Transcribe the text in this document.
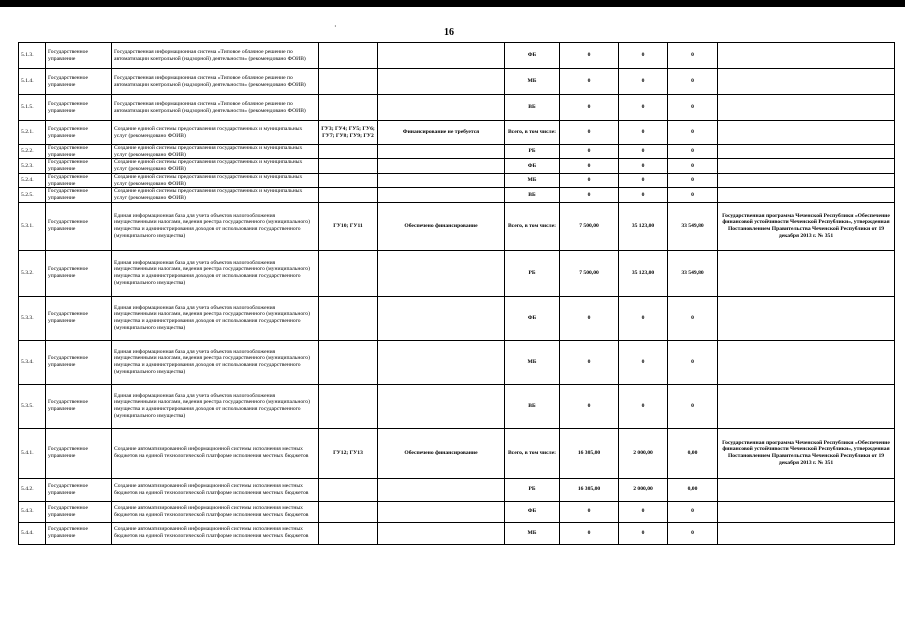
·
16
5.1.3.	Государственное управление	Государственная информационная система «Типовое облачное решение по автоматизации контрольной (надзорной) деятельности» (рекомендовано ФОИВ)			ФБ	0	0	0	
5.1.4.	Государственное управление	Государственная информационная система «Типовое облачное решение по автоматизации контрольной (надзорной) деятельности» (рекомендовано ФОИВ)			МБ	0	0	0	
5.1.5.	Государственное управление	Государственная информационная система «Типовое облачное решение по автоматизации контрольной (надзорной) деятельности» (рекомендовано ФОИВ)			ВБ	0	0	0	
5.2.1.	Государственное управление	Создание единой системы предоставления государственных и муниципальных услуг (рекомендовано ФОИВ)	ГУ3; ГУ4; ГУ5; ГУ6; ГУ7; ГУ8; ГУ9; ГУ2	Финансирование не требуется	Всего, в том числе:	0	0	0	
5.2.2.	Государственное управление	Создание единой системы предоставления государственных и муниципальных услуг (рекомендовано ФОИВ)			РБ	0	0	0	
5.2.3.	Государственное управление	Создание единой системы предоставления государственных и муниципальных услуг (рекомендовано ФОИВ)			ФБ	0	0	0	
5.2.4.	Государственное управление	Создание единой системы предоставления государственных и муниципальных услуг (рекомендовано ФОИВ)			МБ	0	0	0	
5.2.5.	Государственное управление	Создание единой системы предоставления государственных и муниципальных услуг (рекомендовано ФОИВ)			ВБ	0	0	0	
5.3.1.	Государственное управление	Единая информационная база для учета объектов налогообложения имущественными налогами, ведения реестра государственного (муниципального) имущества и администрирования доходов от использования государственного (муниципального имущества)	ГУ10; ГУ11	Обеспечено финансирование	Всего, в том числе:	7 500,00	35 123,00	33 549,80	Государственная программа Чеченской Республики «Обеспечение финансовой устойчивости Чеченской Республики», утвержденная Постановлением Правительства Чеченской Республики от 19 декабря 2013 г. № 351
5.3.2.	Государственное управление	Единая информационная база для учета объектов налогообложения имущественными налогами, ведения реестра государственного (муниципального) имущества и администрирования доходов от использования государственного (муниципального имущества)			РБ	7 500,00	35 123,00	33 549,80	
5.3.3.	Государственное управление	Единая информационная база для учета объектов налогообложения имущественными налогами, ведения реестра государственного (муниципального) имущества и администрирования доходов от использования государственного (муниципального имущества)			ФБ	0	0	0	
5.3.4.	Государственное управление	Единая информационная база для учета объектов налогообложения имущественными налогами, ведения реестра государственного (муниципального) имущества и администрирования доходов от использования государственного (муниципального имущества)			МБ	0	0	0	
5.3.5.	Государственное управление	Единая информационная база для учета объектов налогообложения имущественными налогами, ведения реестра государственного (муниципального) имущества и администрирования доходов от использования государственного (муниципального имущества)			ВБ	0	0	0	
5.4.1.	Государственное управление	Создание автоматизированной информационной системы исполнения местных бюджетов на единой технологической платформе исполнения местных бюджетов	ГУ12; ГУ13	Обеспечено финансирование	Всего, в том числе:	16 305,00	2 000,00	0,00	Государственная программа Чеченской Республики «Обеспечение финансовой устойчивости Чеченской Республики», утвержденная Постановлением Правительства Чеченской Республики от 19 декабря 2013 г. № 351
5.4.2.	Государственное управление	Создание автоматизированной информационной системы исполнения местных бюджетов на единой технологической платформе исполнения местных бюджетов			РБ	16 305,00	2 000,00	0,00	
5.4.3.	Государственное управление	Создание автоматизированной информационной системы исполнения местных бюджетов на единой технологической платформе исполнения местных бюджетов			ФБ	0	0	0	
5.4.4.	Государственное управление	Создание автоматизированной информационной системы исполнения местных бюджетов на единой технологической платформе исполнения местных бюджетов			МБ	0	0	0	
